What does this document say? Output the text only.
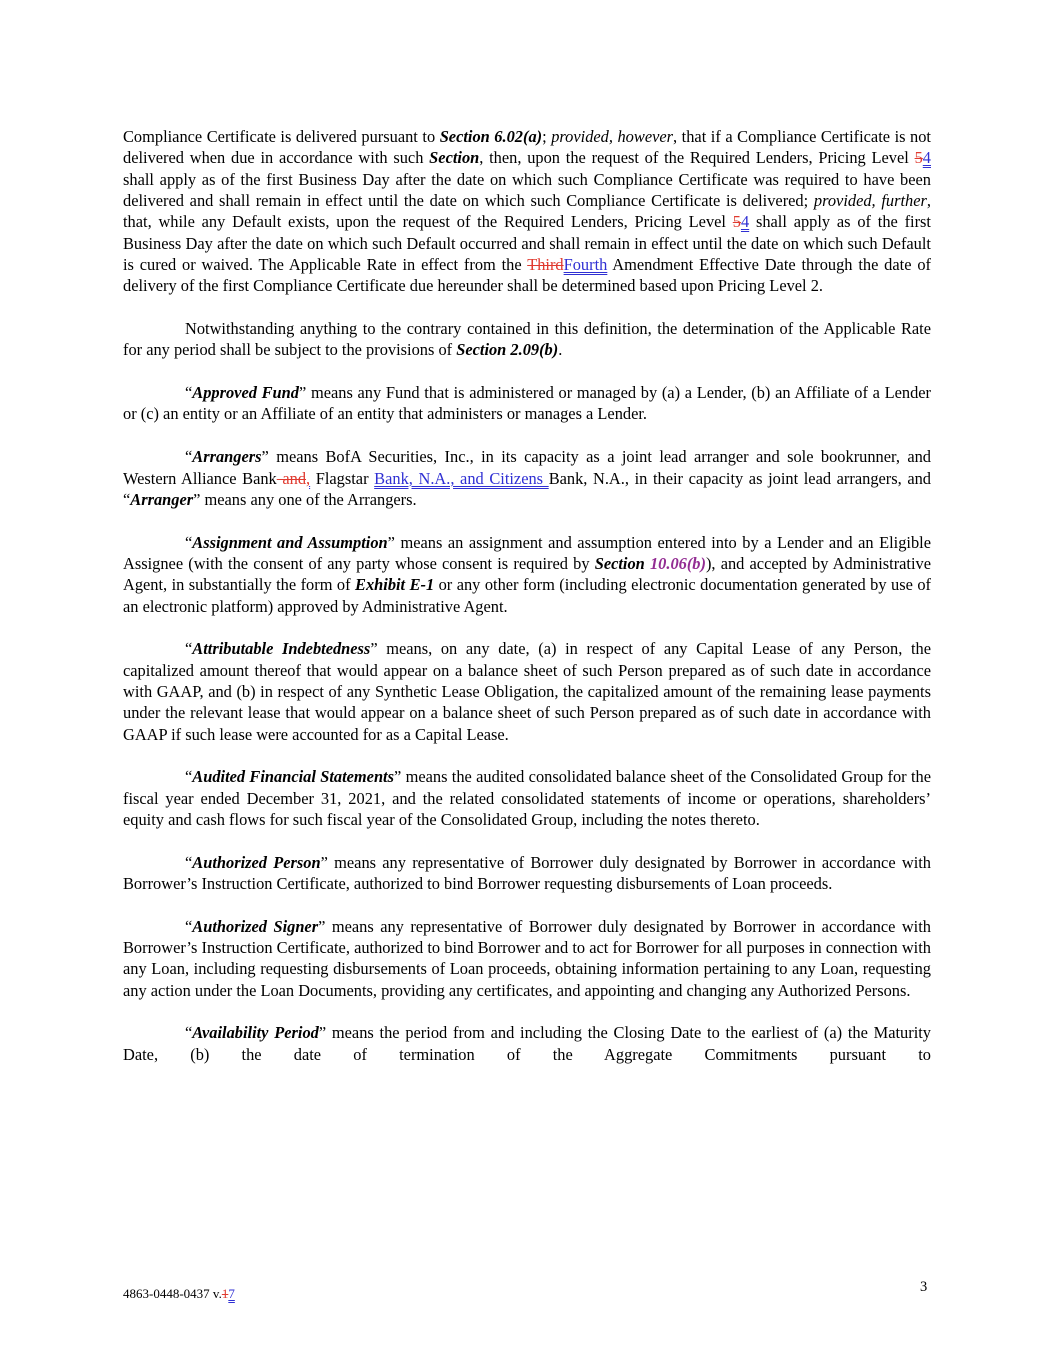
Compliance Certificate is delivered pursuant to Section 6.02(a); provided, however, that if a Compliance Certificate is not delivered when due in accordance with such Section, then, upon the request of the Required Lenders, Pricing Level 54 shall apply as of the first Business Day after the date on which such Compliance Certificate was required to have been delivered and shall remain in effect until the date on which such Compliance Certificate is delivered; provided, further, that, while any Default exists, upon the request of the Required Lenders, Pricing Level 54 shall apply as of the first Business Day after the date on which such Default occurred and shall remain in effect until the date on which such Default is cured or waived. The Applicable Rate in effect from the ThirdFourth Amendment Effective Date through the date of delivery of the first Compliance Certificate due hereunder shall be determined based upon Pricing Level 2.

Notwithstanding anything to the contrary contained in this definition, the determination of the Applicable Rate for any period shall be subject to the provisions of Section 2.09(b).

“Approved Fund” means any Fund that is administered or managed by (a) a Lender, (b) an Affiliate of a Lender or (c) an entity or an Affiliate of an entity that administers or manages a Lender.

“Arrangers” means BofA Securities, Inc., in its capacity as a joint lead arranger and sole bookrunner, and Western Alliance Bank and, Flagstar Bank, N.A., and Citizens Bank, N.A., in their capacity as joint lead arrangers, and “Arranger” means any one of the Arrangers.

“Assignment and Assumption” means an assignment and assumption entered into by a Lender and an Eligible Assignee (with the consent of any party whose consent is required by Section 10.06(b)), and accepted by Administrative Agent, in substantially the form of Exhibit E-1 or any other form (including electronic documentation generated by use of an electronic platform) approved by Administrative Agent.

“Attributable Indebtedness” means, on any date, (a) in respect of any Capital Lease of any Person, the capitalized amount thereof that would appear on a balance sheet of such Person prepared as of such date in accordance with GAAP, and (b) in respect of any Synthetic Lease Obligation, the capitalized amount of the remaining lease payments under the relevant lease that would appear on a balance sheet of such Person prepared as of such date in accordance with GAAP if such lease were accounted for as a Capital Lease.

“Audited Financial Statements” means the audited consolidated balance sheet of the Consolidated Group for the fiscal year ended December 31, 2021, and the related consolidated statements of income or operations, shareholders’ equity and cash flows for such fiscal year of the Consolidated Group, including the notes thereto.

“Authorized Person” means any representative of Borrower duly designated by Borrower in accordance with Borrower’s Instruction Certificate, authorized to bind Borrower requesting disbursements of Loan proceeds.

“Authorized Signer” means any representative of Borrower duly designated by Borrower in accordance with Borrower’s Instruction Certificate, authorized to bind Borrower and to act for Borrower for all purposes in connection with any Loan, including requesting disbursements of Loan proceeds, obtaining information pertaining to any Loan, requesting any action under the Loan Documents, providing any certificates, and appointing and changing any Authorized Persons.

“Availability Period” means the period from and including the Closing Date to the earliest of (a) the Maturity Date, (b) the date of termination of the Aggregate Commitments pursuant to

4863-0448-0437 v.17	3
